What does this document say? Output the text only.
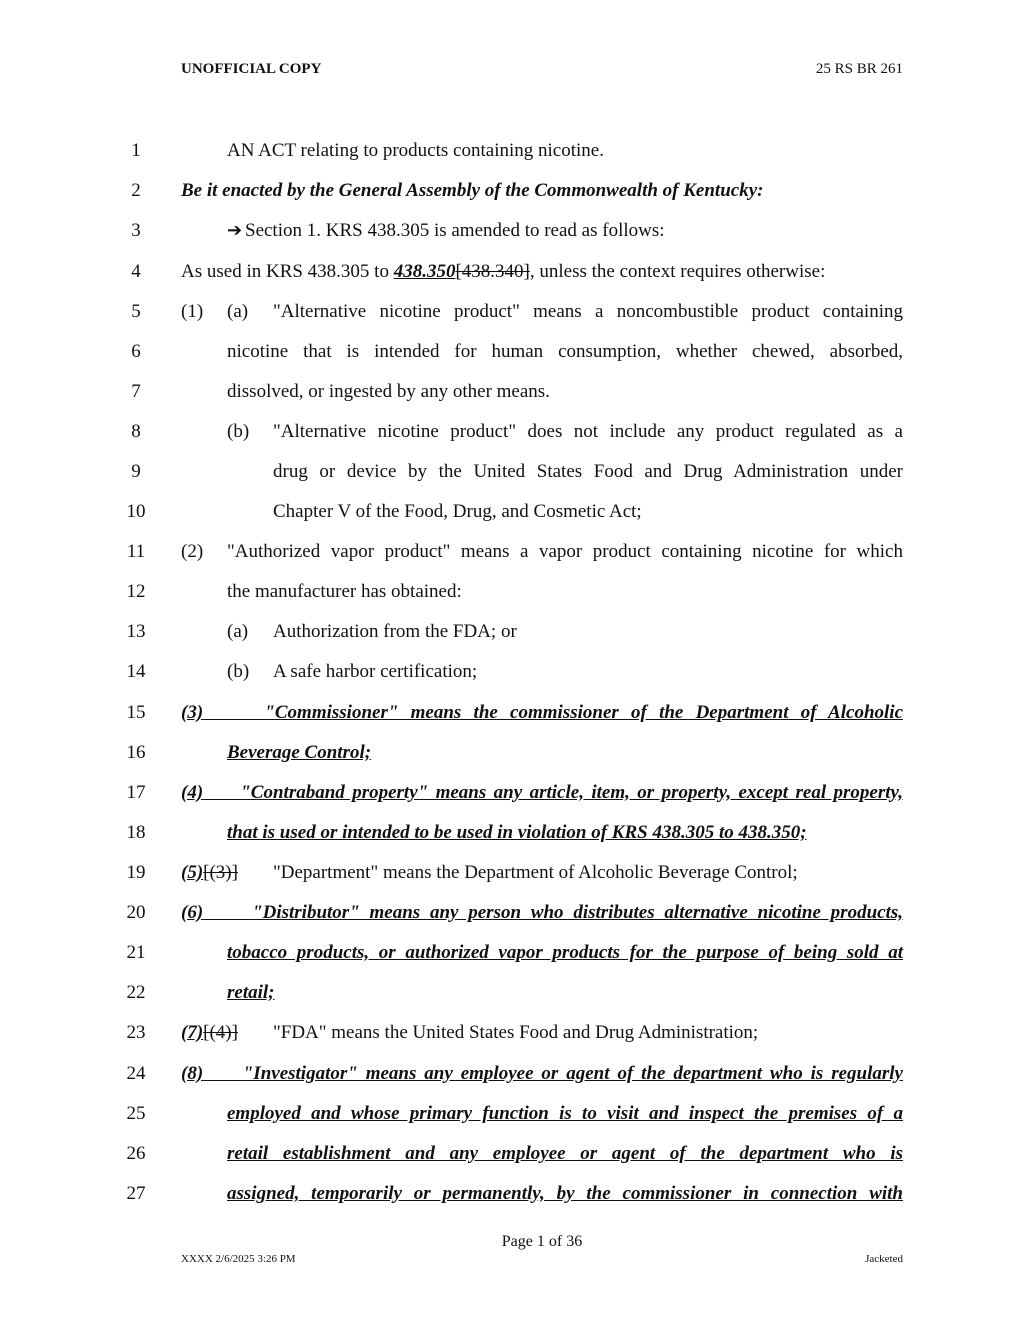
UNOFFICIAL COPY	25 RS BR 261
1
2
3
4
5
6
7
8
9
10
11
12
13
14
15
16
17
18
19
20
21
22
23
24
25
26
27
AN ACT relating to products containing nicotine.
Be it enacted by the General Assembly of the Commonwealth of Kentucky:
➔ Section 1. KRS 438.305 is amended to read as follows:
As used in KRS 438.305 to 438.350[438.340], unless the context requires otherwise:
(1) (a) "Alternative nicotine product" means a noncombustible product containing
nicotine that is intended for human consumption, whether chewed, absorbed,
dissolved, or ingested by any other means.
(b) "Alternative nicotine product" does not include any product regulated as a
drug or device by the United States Food and Drug Administration under
Chapter V of the Food, Drug, and Cosmetic Act;
(2) "Authorized vapor product" means a vapor product containing nicotine for which
the manufacturer has obtained:
(a) Authorization from the FDA; or
(b) A safe harbor certification;
(3)	"Commissioner" means the commissioner of the Department of Alcoholic
Beverage Control;
(4) "Contraband property" means any article, item, or property, except real property,
that is used or intended to be used in violation of KRS 438.305 to 438.350;
(5)[(3)] "Department" means the Department of Alcoholic Beverage Control;
(6)	"Distributor" means any person who distributes alternative nicotine products,
tobacco products, or authorized vapor products for the purpose of being sold at
retail;
(7)[(4)] "FDA" means the United States Food and Drug Administration;
(8) "Investigator" means any employee or agent of the department who is regularly
employed and whose primary function is to visit and inspect the premises of a
retail establishment and any employee or agent of the department who is
assigned, temporarily or permanently, by the commissioner in connection with
Page 1 of 36
XXXX 2/6/2025 3:26 PM	Jacketed
